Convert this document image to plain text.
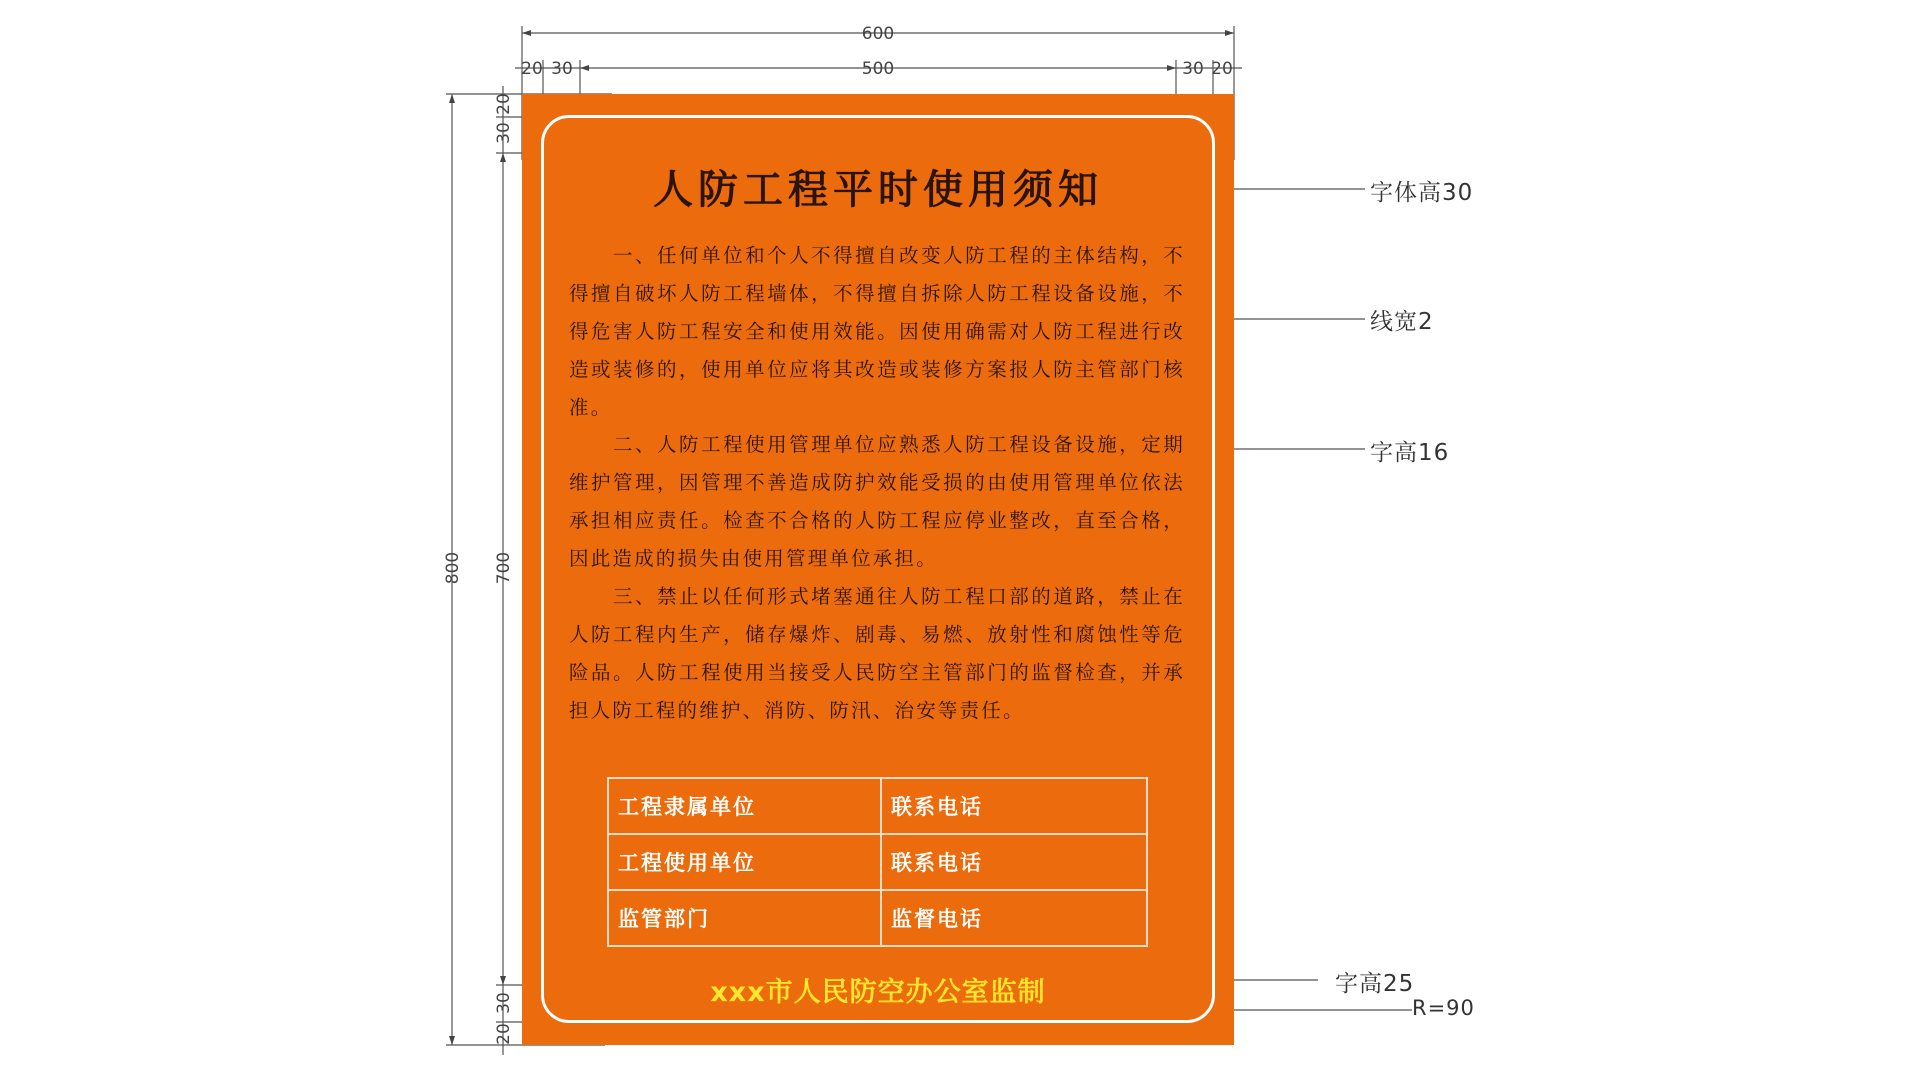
600
500
20 30	30 20
800 700
20
30
30
20
人防工程平时使用须知

　　一、任何单位和个人不得擅自改变人防工程的主体结构，不得擅自破坏人防工程墙体，不得擅自拆除人防工程设备设施，不得危害人防工程安全和使用效能。因使用确需对人防工程进行改造或装修的，使用单位应将其改造或装修方案报人防主管部门核准。

　　二、人防工程使用管理单位应熟悉人防工程设备设施，定期维护管理，因管理不善造成防护效能受损的由使用管理单位依法承担相应责任。检查不合格的人防工程应停业整改，直至合格，因此造成的损失由使用管理单位承担。

　　三、禁止以任何形式堵塞通往人防工程口部的道路，禁止在人防工程内生产，储存爆炸、剧毒、易燃、放射性和腐蚀性等危险品。人防工程使用当接受人民防空主管部门的监督检查，并承担人防工程的维护、消防、防汛、治安等责任。

工程隶属单位	联系电话
工程使用单位	联系电话
监管部门	监督电话
xxx市人民防空办公室监制
字体高30
线宽2
字高16
字高25
R=90
